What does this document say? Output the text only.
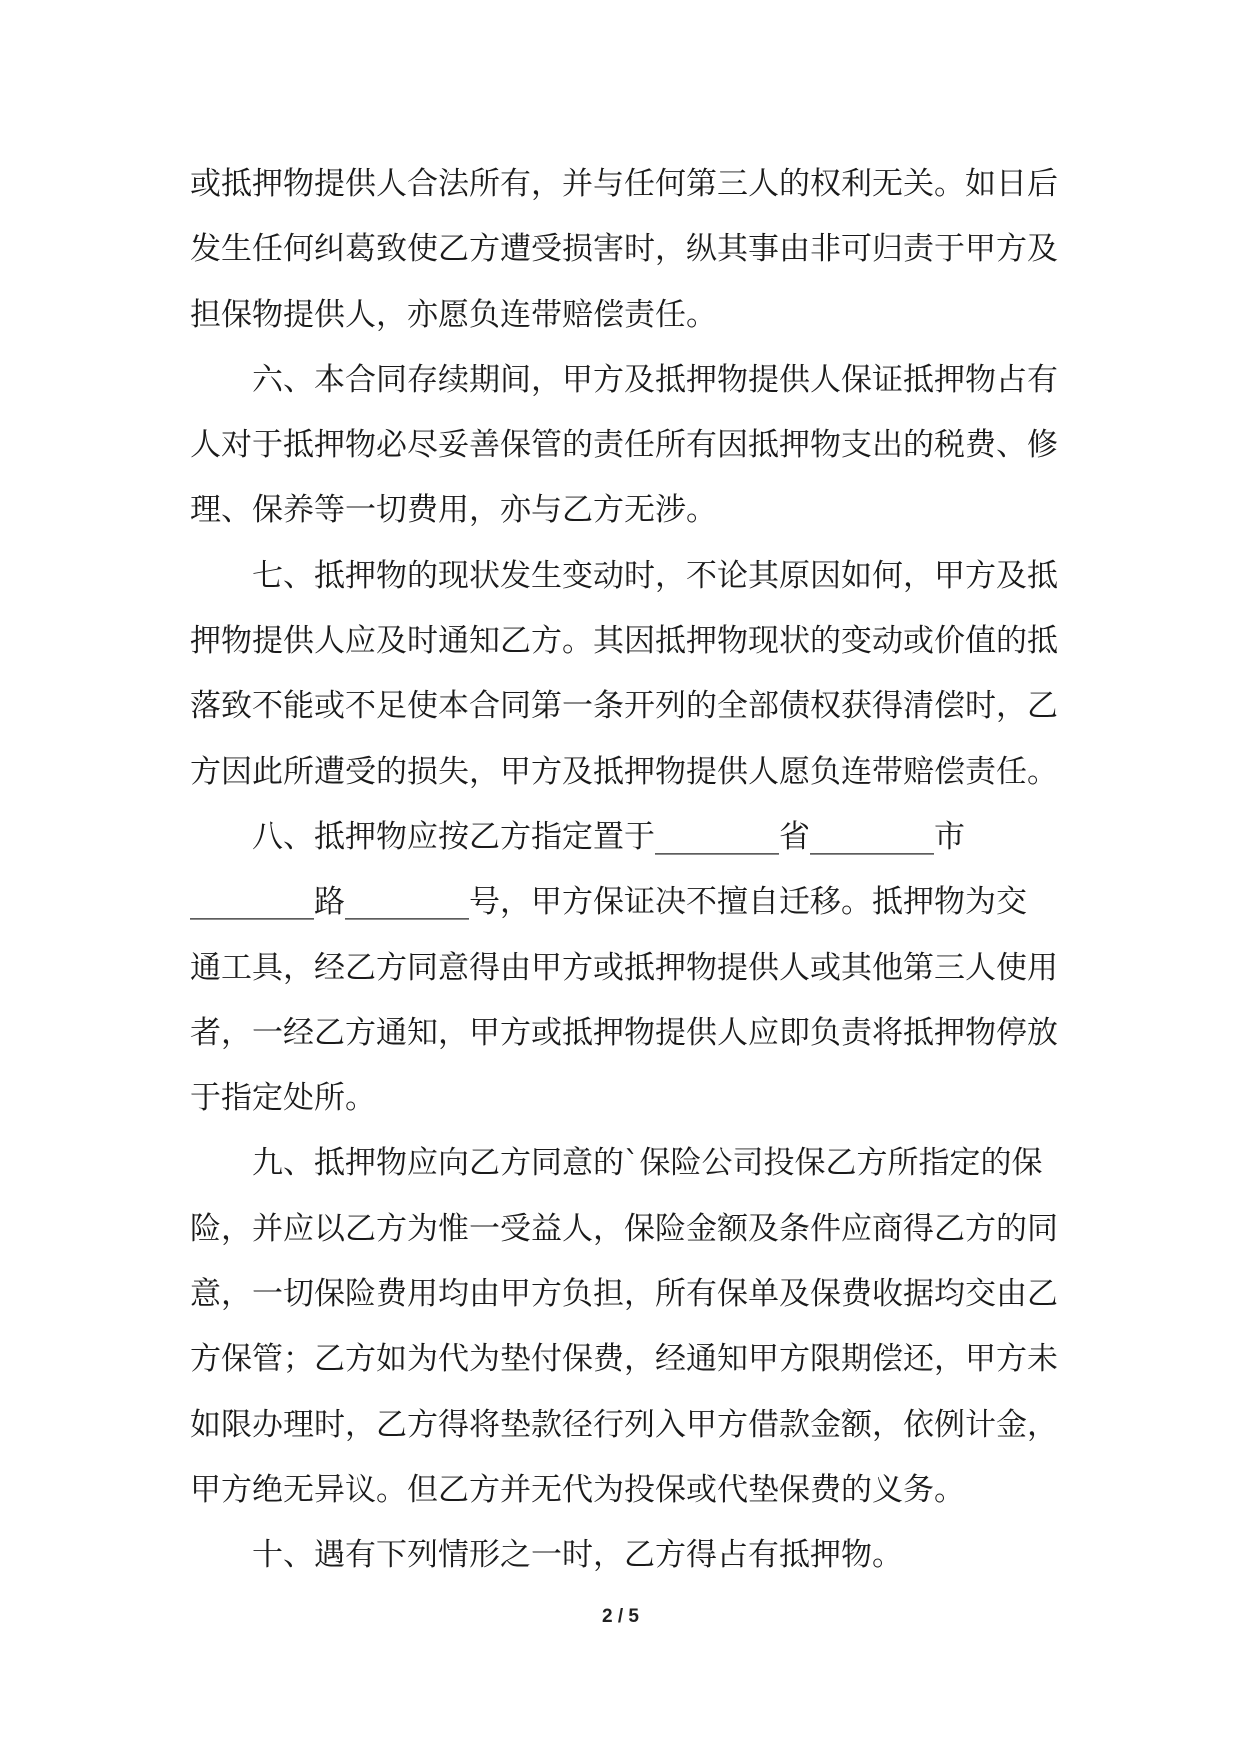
或抵押物提供人合法所有，并与任何第三人的权利无关。如日后
发生任何纠葛致使乙方遭受损害时，纵其事由非可归责于甲方及
担保物提供人，亦愿负连带赔偿责任。
六、本合同存续期间，甲方及抵押物提供人保证抵押物占有
人对于抵押物必尽妥善保管的责任所有因抵押物支出的税费、修
理、保养等一切费用，亦与乙方无涉。
七、抵押物的现状发生变动时，不论其原因如何，甲方及抵
押物提供人应及时通知乙方。其因抵押物现状的变动或价值的抵
落致不能或不足使本合同第一条开列的全部债权获得清偿时，乙
方因此所遭受的损失，甲方及抵押物提供人愿负连带赔偿责任。
八、抵押物应按乙方指定置于________省________市
________路________号，甲方保证决不擅自迁移。抵押物为交
通工具，经乙方同意得由甲方或抵押物提供人或其他第三人使用
者，一经乙方通知，甲方或抵押物提供人应即负责将抵押物停放
于指定处所。
九、抵押物应向乙方同意的`保险公司投保乙方所指定的保
险，并应以乙方为惟一受益人，保险金额及条件应商得乙方的同
意，一切保险费用均由甲方负担，所有保单及保费收据均交由乙
方保管；乙方如为代为垫付保费，经通知甲方限期偿还，甲方未
如限办理时，乙方得将垫款径行列入甲方借款金额，依例计金，
甲方绝无异议。但乙方并无代为投保或代垫保费的义务。
十、遇有下列情形之一时，乙方得占有抵押物。
2 / 5
